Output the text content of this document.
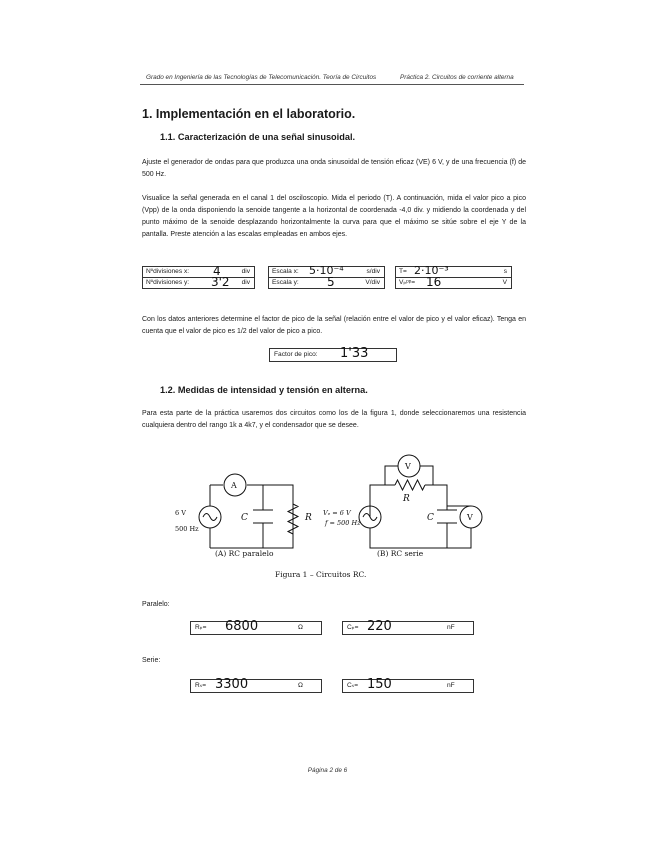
Grado en Ingeniería de las Tecnologías de Telecomunicación. Teoría de Circuitos	Práctica 2. Circuitos de corriente alterna
1. Implementación en el laboratorio.
1.1. Caracterización de una señal sinusoidal.
Ajuste el generador de ondas para que produzca una onda sinusoidal de tensión eficaz (VE) 6 V, y de una frecuencia (f) de 500 Hz.
Visualice la señal generada en el canal 1 del osciloscopio. Mida el periodo (T). A continuación, mida el valor pico a pico (Vpp) de la onda disponiendo la senoide tangente a la horizontal de coordenada -4,0 div. y midiendo la coordenada y del punto máximo de la senoide desplazando horizontalmente la curva para que el máximo se sitúe sobre el eje Y de la pantalla. Preste atención a las escalas empleadas en ambos ejes.
Nºdivisiones x: 4	div
Nºdivisiones y: 3'2 div
Escala x: 5·10⁻⁴	s/div
Escala y: 5	V/div
T= 2·10⁻³	s
Vₚᵖᵖ= 16	V
Con los datos anteriores determine el factor de pico de la señal (relación entre el valor de pico y el valor eficaz). Tenga en cuenta que el valor de pico es 1/2 del valor de pico a pico.
Factor de pico: 1'33
1.2. Medidas de intensidad y tensión en alterna.
Para esta parte de la práctica usaremos dos circuitos como los de la figura 1, donde seleccionaremos una resistencia cualquiera dentro del rango 1k a 4k7, y el condensador que se desee.
A
V
V
C	R
R
C
6 V
500 Hz
Vₑ = 6 V
f = 500 Hz
(A) RC paralelo	(B) RC serie
Figura 1 – Circuitos RC.
Paralelo:
Rₚ= 6800	Ω	Cₚ= 220	nF
Serie:
Rₛ= 3300	Ω	Cₛ= 150	nF
Página 2 de 6
